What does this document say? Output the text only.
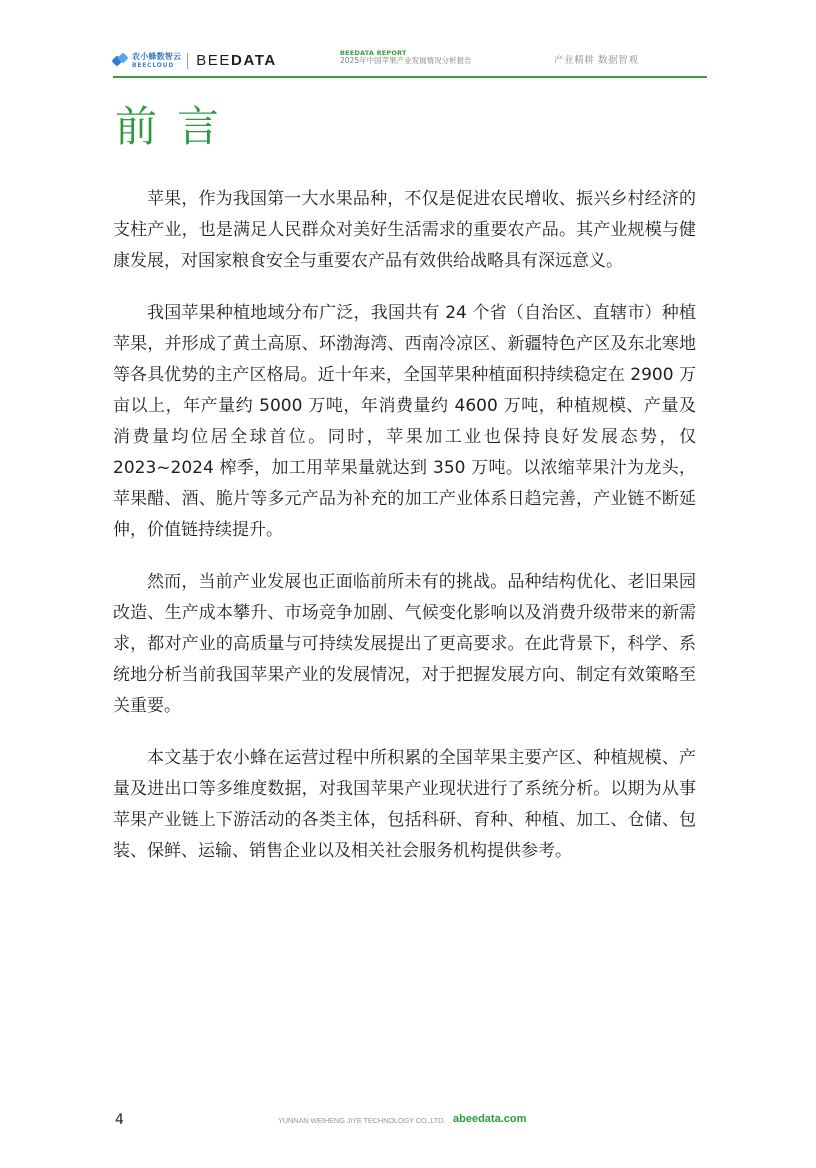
农小蜂数智云
BEECLOUD	BEEDATA	BEEDATA REPORT
2025年中国苹果产业发展情况分析报告	产业精耕 数据智观
前言

苹果，作为我国第一大水果品种，不仅是促进农民增收、振兴乡村经济的支柱产业，也是满足人民群众对美好生活需求的重要农产品。其产业规模与健康发展，对国家粮食安全与重要农产品有效供给战略具有深远意义。

我国苹果种植地域分布广泛，我国共有 24 个省（自治区、直辖市）种植苹果，并形成了黄土高原、环渤海湾、西南冷凉区、新疆特色产区及东北寒地等各具优势的主产区格局。近十年来，全国苹果种植面积持续稳定在 2900 万亩以上，年产量约 5000 万吨，年消费量约 4600 万吨，种植规模、产量及消费量均位居全球首位。同时，苹果加工业也保持良好发展态势，仅 2023~2024 榨季，加工用苹果量就达到 350 万吨。以浓缩苹果汁为龙头，苹果醋、酒、脆片等多元产品为补充的加工产业体系日趋完善，产业链不断延伸，价值链持续提升。

然而，当前产业发展也正面临前所未有的挑战。品种结构优化、老旧果园改造、生产成本攀升、市场竞争加剧、气候变化影响以及消费升级带来的新需求，都对产业的高质量与可持续发展提出了更高要求。在此背景下，科学、系统地分析当前我国苹果产业的发展情况，对于把握发展方向、制定有效策略至关重要。

本文基于农小蜂在运营过程中所积累的全国苹果主要产区、种植规模、产量及进出口等多维度数据，对我国苹果产业现状进行了系统分析。以期为从事苹果产业链上下游活动的各类主体，包括科研、育种、种植、加工、仓储、包装、保鲜、运输、销售企业以及相关社会服务机构提供参考。

4	YUNNAN WEIHENG JIYE TECHNOLOGY CO.,LTD. abeedata.com
